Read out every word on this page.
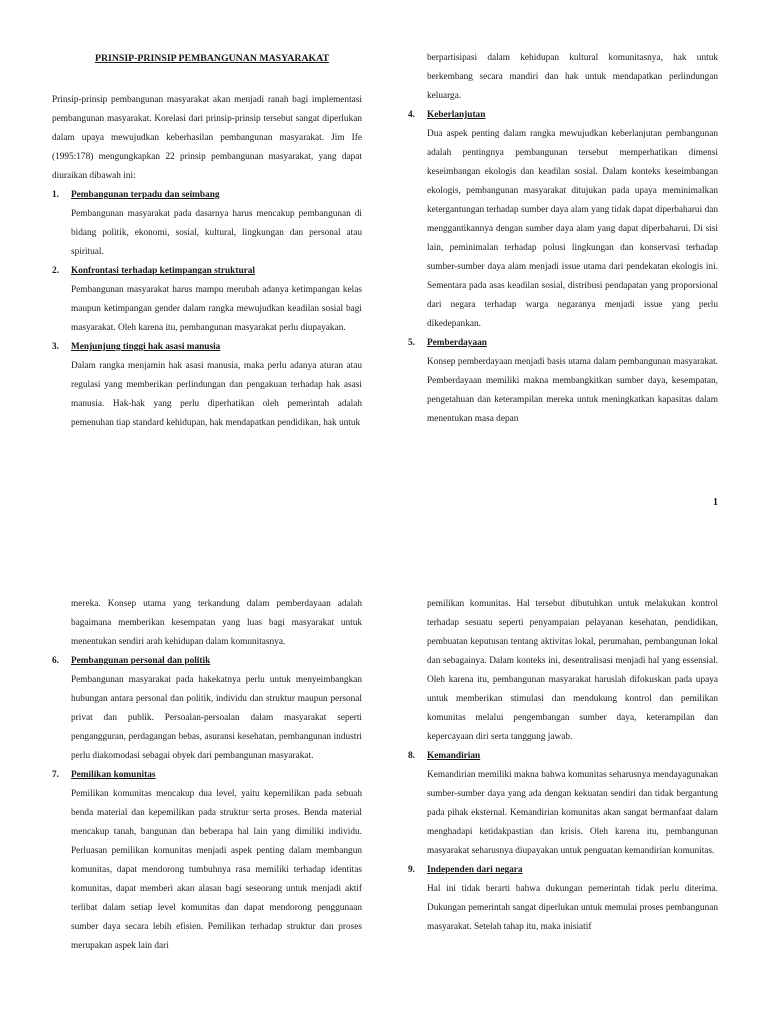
PRINSIP-PRINSIP PEMBANGUNAN MASYARAKAT

Prinsip-prinsip pembangunan masyarakat akan menjadi ranah bagi implementasi pembangunan masyarakat. Korelasi dari prinsip-prinsip tersebut sangat diperlukan dalam upaya mewujudkan keberhasilan pembangunan masyarakat. Jim Ife (1995:178) mengungkapkan 22 prinsip pembangunan masyarakat, yang dapat diuraikan dibawah ini:

1.	Pembangunan terpadu dan seimbang

Pembangunan masyarakat pada dasarnya harus mencakup pembangunan di bidang politik, ekonomi, sosial, kultural, lingkungan dan personal atau spiritual.

2.	Konfrontasi terhadap ketimpangan struktural

Pembangunan masyarakat harus mampu merubah adanya ketimpangan kelas maupun ketimpangan gender dalam rangka mewujudkan keadilan sosial bagi masyarakat. Oleh karena itu, pembangunan masyarakat perlu diupayakan.

3.	Menjunjung tinggi hak asasi manusia

Dalam rangka menjamin hak asasi manusia, maka perlu adanya aturan atau regulasi yang memberikan perlindungan dan pengakuan terhadap hak asasi manusia. Hak-hak yang perlu diperhatikan oleh pemerintah adalah pemenuhan tiap standard kehidupan, hak mendapatkan pendidikan, hak untuk

berpartisipasi dalam kehidupan kultural komunitasnya, hak untuk berkembang secara mandiri dan hak untuk mendapatkan perlindungan keluarga.

4.	Keberlanjutan

Dua aspek penting dalam rangka mewujudkan keberlanjutan pembangunan adalah pentingnya pembangunan tersebut memperhatikan dimensi keseimbangan ekologis dan keadilan sosial. Dalam konteks keseimbangan ekologis, pembangunan masyarakat ditujukan pada upaya meminimalkan ketergantungan terhadap sumber daya alam yang tidak dapat diperbaharui dan menggantikannya dengan sumber daya alam yang dapat diperbaharui. Di sisi lain, peminimalan terhadap polusi lingkungan dan konservasi terhadap sumber-sumber daya alam menjadi issue utama dari pendekatan ekologis ini. Sementara pada asas keadilan sosial, distribusi pendapatan yang proporsional dari negara terhadap warga negaranya menjadi issue yang perlu dikedepankan.

5.	Pemberdayaan

Konsep pemberdayaan menjadi basis utama dalam pembangunan masyarakat. Pemberdayaan memiliki makna membangkitkan sumber daya, kesempatan, pengetahuan dan keterampilan mereka untuk meningkatkan kapasitas dalam menentukan masa depan

1

mereka. Konsep utama yang terkandung dalam pemberdayaan adalah bagaimana memberikan kesempatan yang luas bagi masyarakat untuk menentukan sendiri arah kehidupan dalam komunitasnya.

6.	Pembangunan personal dan politik

Pembangunan masyarakat pada hakekatnya perlu untuk menyeimbangkan hubungan antara personal dan politik, individu dan struktur maupun personal privat dan publik. Persoalan-persoalan dalam masyarakat seperti pengangguran, perdagangan bebas, asuransi kesehatan, pembangunan industri perlu diakomodasi sebagai obyek dari pembangunan masyarakat.

7.	Pemilikan komunitas

Pemilikan komunitas mencakup dua level, yaitu kepemilikan pada sebuah benda material dan kepemilikan pada struktur serta proses. Benda material mencakup tanah, bangunan dan beberapa hal lain yang dimiliki individu. Perluasan pemilikan komunitas menjadi aspek penting dalam membangun komunitas, dapat mendorong tumbuhnya rasa memiliki terhadap identitas komunitas, dapat memberi akan alasan bagi seseorang untuk menjadi aktif terlibat dalam setiap level komunitas dan dapat mendorong penggunaan sumber daya secara lebih efisien. Pemilikan terhadap struktur dan proses merupakan aspek lain dari

pemilikan komunitas. Hal tersebut dibutuhkan untuk melakukan kontrol terhadap sesuatu seperti penyampaian pelayanan kesehatan, pendidikan, pembuatan keputusan tentang aktivitas lokal, perumahan, pembangunan lokal dan sebagainya. Dalam konteks ini, desentralisasi menjadi hal yang essensial. Oleh karena itu, pembangunan masyarakat haruslah difokuskan pada upaya untuk memberikan stimulasi dan mendukung kontrol dan pemilikan komunitas melalui pengembangan sumber daya, keterampilan dan kepercayaan diri serta tanggung jawab.

8.	Kemandirian

Kemandirian memiliki makna bahwa komunitas seharusnya mendayagunakan sumber-sumber daya yang ada dengan kekuatan sendiri dan tidak bergantung pada pihak eksternal. Kemandirian komunitas akan sangat bermanfaat dalam menghadapi ketidakpastian dan krisis. Oleh karena itu, pembangunan masyarakat seharusnya diupayakan untuk penguatan kemandirian komunitas.

9.	Independen dari negara

Hal ini tidak berarti bahwa dukungan pemerintah tidak perlu diterima. Dukungan pemerintah sangat diperlukan untuk memulai proses pembangunan masyarakat. Setelah tahap itu, maka inisiatif
